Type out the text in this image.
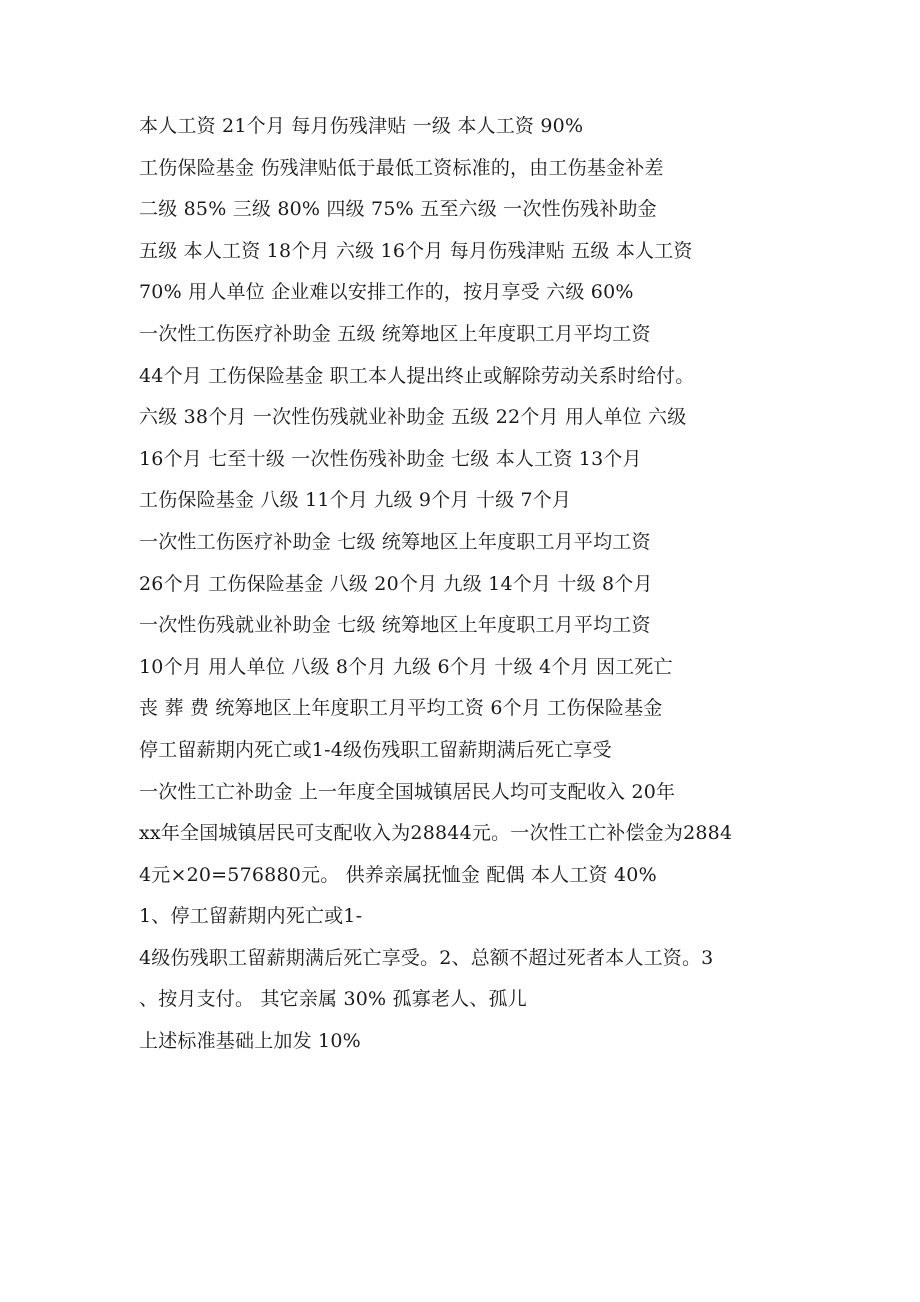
本人工资 21个月 每月伤残津贴 一级 本人工资 90%
工伤保险基金 伤残津贴低于最低工资标准的，由工伤基金补差
二级 85% 三级 80% 四级 75% 五至六级 一次性伤残补助金
五级 本人工资 18个月 六级 16个月 每月伤残津贴 五级 本人工资
70% 用人单位 企业难以安排工作的，按月享受 六级 60%
一次性工伤医疗补助金 五级 统筹地区上年度职工月平均工资
44个月 工伤保险基金 职工本人提出终止或解除劳动关系时给付。
六级 38个月 一次性伤残就业补助金 五级 22个月 用人单位 六级
16个月 七至十级 一次性伤残补助金 七级 本人工资 13个月
工伤保险基金 八级 11个月 九级 9个月 十级 7个月
一次性工伤医疗补助金 七级 统筹地区上年度职工月平均工资
26个月 工伤保险基金 八级 20个月 九级 14个月 十级 8个月
一次性伤残就业补助金 七级 统筹地区上年度职工月平均工资
10个月 用人单位 八级 8个月 九级 6个月 十级 4个月 因工死亡
丧 葬 费 统筹地区上年度职工月平均工资 6个月 工伤保险基金
停工留薪期内死亡或1-4级伤残职工留薪期满后死亡享受
一次性工亡补助金 上一年度全国城镇居民人均可支配收入 20年
xx年全国城镇居民可支配收入为28844元。一次性工亡补偿金为2884
4元×20=576880元。 供养亲属抚恤金 配偶 本人工资 40%
1、停工留薪期内死亡或1-
4级伤残职工留薪期满后死亡享受。2、总额不超过死者本人工资。3
、按月支付。 其它亲属 30% 孤寡老人、孤儿
上述标准基础上加发 10%
